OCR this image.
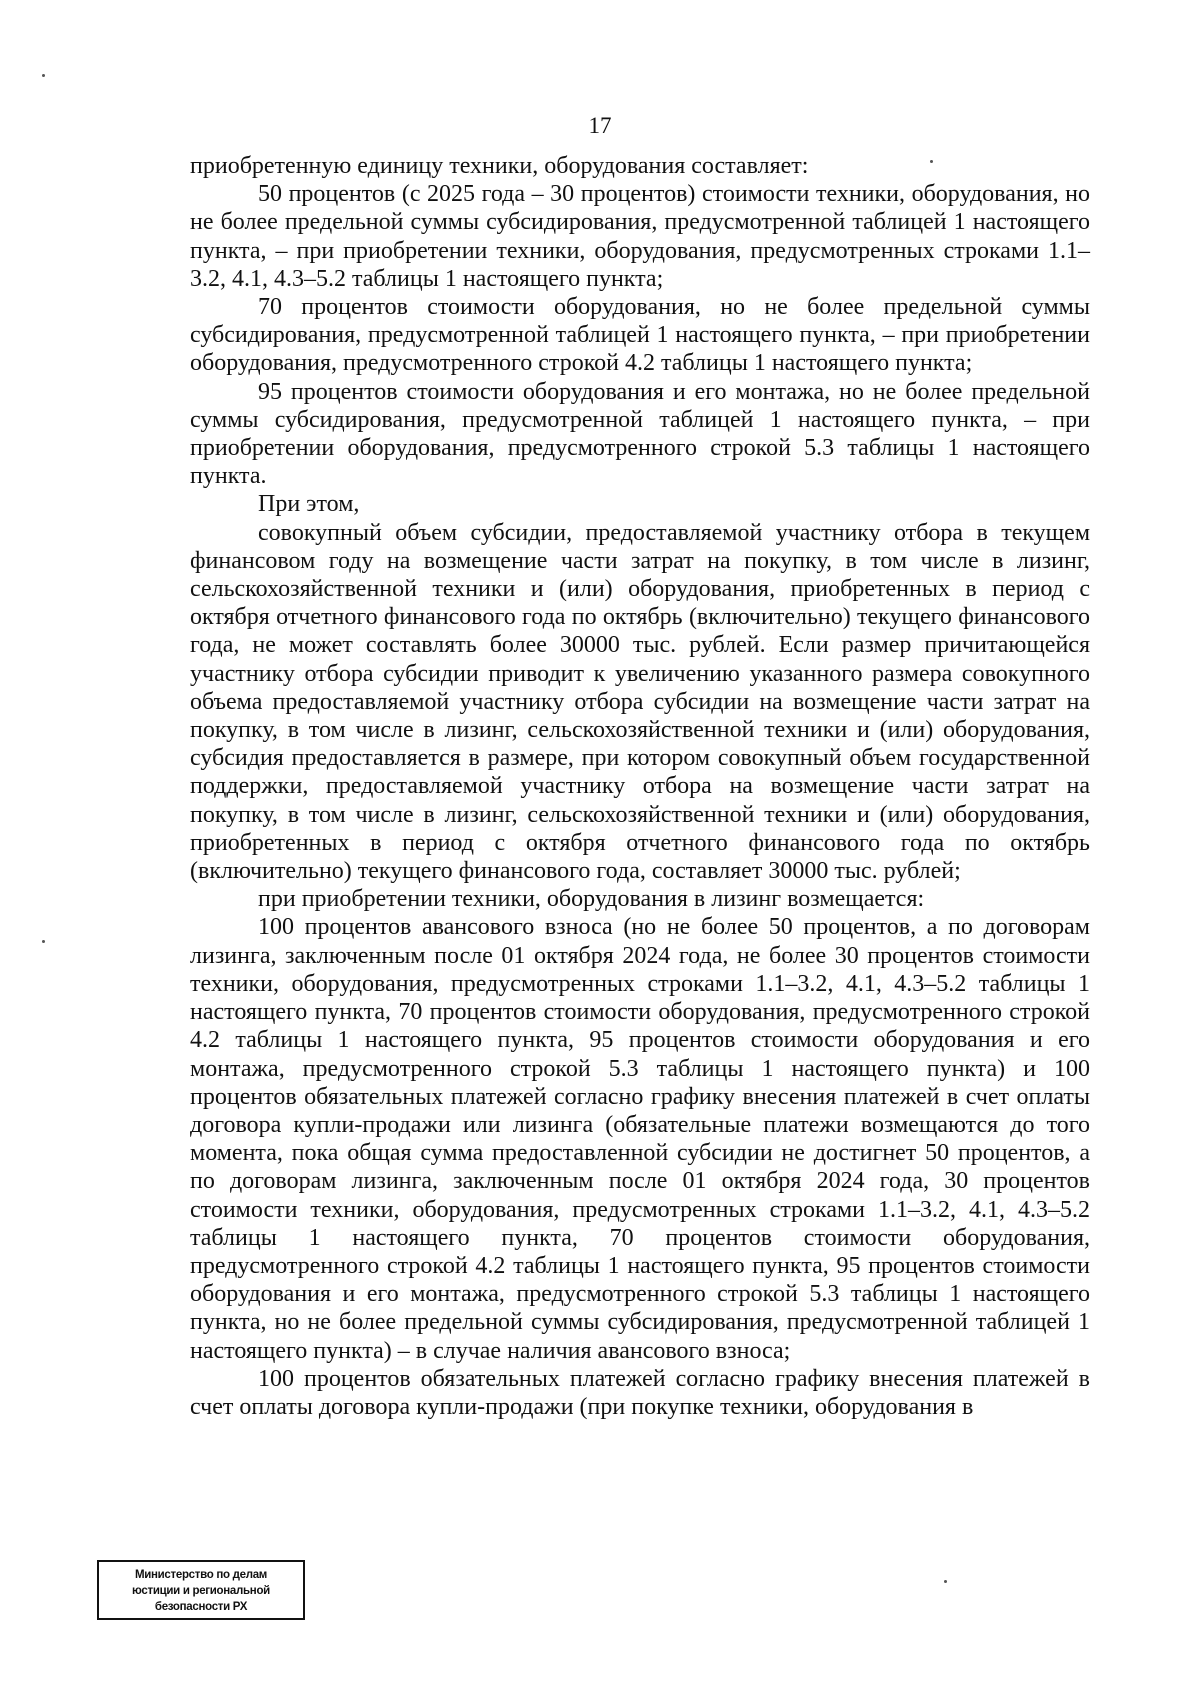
17

приобретенную единицу техники, оборудования составляет:

50 процентов (с 2025 года – 30 процентов) стоимости техники, оборудования, но не более предельной суммы субсидирования, предусмотренной таблицей 1 настоящего пункта, – при приобретении техники, оборудования, предусмотренных строками 1.1–3.2, 4.1, 4.3–5.2 таблицы 1 настоящего пункта;

70 процентов стоимости оборудования, но не более предельной суммы субсидирования, предусмотренной таблицей 1 настоящего пункта, – при приобретении оборудования, предусмотренного строкой 4.2 таблицы 1 настоящего пункта;

95 процентов стоимости оборудования и его монтажа, но не более предельной суммы субсидирования, предусмотренной таблицей 1 настоящего пункта, – при приобретении оборудования, предусмотренного строкой 5.3 таблицы 1 настоящего пункта.

При этом,

совокупный объем субсидии, предоставляемой участнику отбора в текущем финансовом году на возмещение части затрат на покупку, в том числе в лизинг, сельскохозяйственной техники и (или) оборудования, приобретенных в период с октября отчетного финансового года по октябрь (включительно) текущего финансового года, не может составлять более 30000 тыс. рублей. Если размер причитающейся участнику отбора субсидии приводит к увеличению указанного размера совокупного объема предоставляемой участнику отбора субсидии на возмещение части затрат на покупку, в том числе в лизинг, сельскохозяйственной техники и (или) оборудования, субсидия предоставляется в размере, при котором совокупный объем государственной поддержки, предоставляемой участнику отбора на возмещение части затрат на покупку, в том числе в лизинг, сельскохозяйственной техники и (или) оборудования, приобретенных в период с октября отчетного финансового года по октябрь (включительно) текущего финансового года, составляет 30000 тыс. рублей;

при приобретении техники, оборудования в лизинг возмещается:

100 процентов авансового взноса (но не более 50 процентов, а по договорам лизинга, заключенным после 01 октября 2024 года, не более 30 процентов стоимости техники, оборудования, предусмотренных строками 1.1–3.2, 4.1, 4.3–5.2 таблицы 1 настоящего пункта, 70 процентов стоимости оборудования, предусмотренного строкой 4.2 таблицы 1 настоящего пункта, 95 процентов стоимости оборудования и его монтажа, предусмотренного строкой 5.3 таблицы 1 настоящего пункта) и 100 процентов обязательных платежей согласно графику внесения платежей в счет оплаты договора купли-продажи или лизинга (обязательные платежи возмещаются до того момента, пока общая сумма предоставленной субсидии не достигнет 50 процентов, а по договорам лизинга, заключенным после 01 октября 2024 года, 30 процентов стоимости техники, оборудования, предусмотренных строками 1.1–3.2, 4.1, 4.3–5.2 таблицы 1 настоящего пункта, 70 процентов стоимости оборудования, предусмотренного строкой 4.2 таблицы 1 настоящего пункта, 95 процентов стоимости оборудования и его монтажа, предусмотренного строкой 5.3 таблицы 1 настоящего пункта, но не более предельной суммы субсидирования, предусмотренной таблицей 1 настоящего пункта) – в случае наличия авансового взноса;

100 процентов обязательных платежей согласно графику внесения платежей в счет оплаты договора купли-продажи (при покупке техники, оборудования в

Министерство по делам
юстиции и региональной
безопасности РХ
